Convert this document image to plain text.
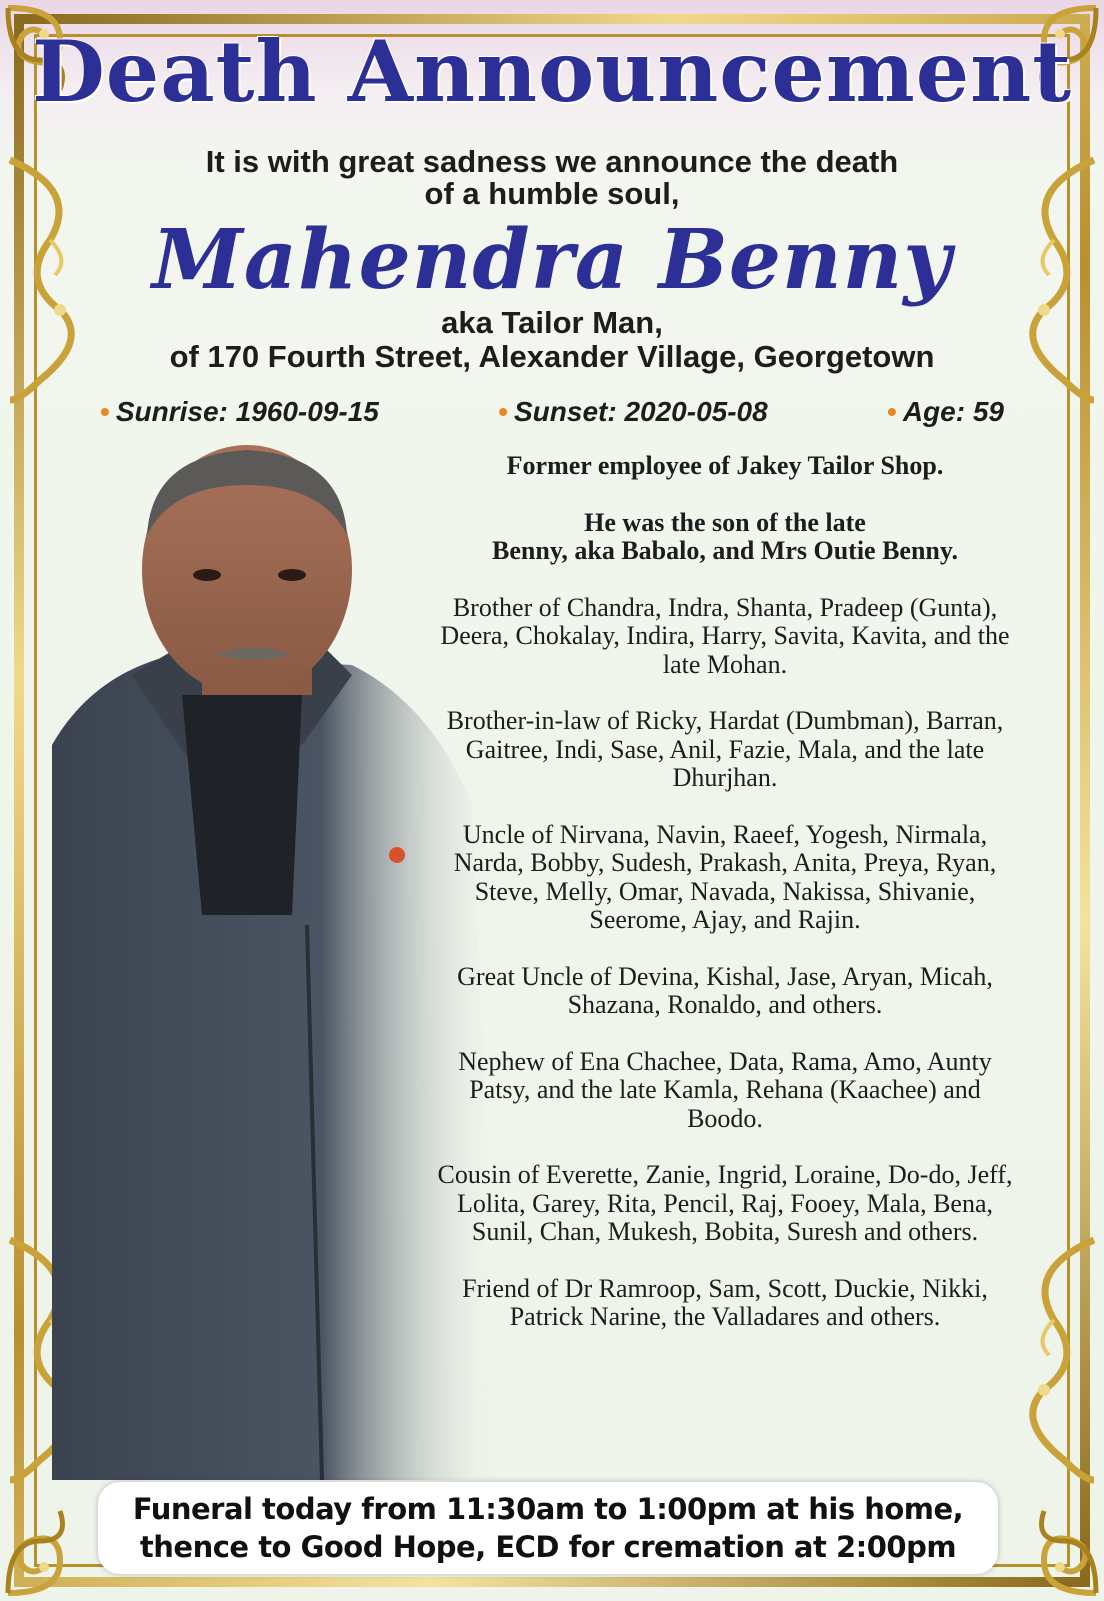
Death Announcement
It is with great sadness we announce the death
of a humble soul,
Mahendra Benny
aka Tailor Man,
of 170 Fourth Street, Alexander Village, Georgetown
• Sunrise: 1960-09-15	• Sunset: 2020-05-08	• Age: 59

Former employee of Jakey Tailor Shop.

He was the son of the late
Benny, aka Babalo, and Mrs Outie Benny.

Brother of Chandra, Indra, Shanta, Pradeep (Gunta), Deera, Chokalay, Indira, Harry, Savita, Kavita, and the late Mohan.

Brother-in-law of Ricky, Hardat (Dumbman), Barran, Gaitree, Indi, Sase, Anil, Fazie, Mala, and the late Dhurjhan.

Uncle of Nirvana, Navin, Raeef, Yogesh, Nirmala, Narda, Bobby, Sudesh, Prakash, Anita, Preya, Ryan, Steve, Melly, Omar, Navada, Nakissa, Shivanie, Seerome, Ajay, and Rajin.

Great Uncle of Devina, Kishal, Jase, Aryan, Micah, Shazana, Ronaldo, and others.

Nephew of Ena Chachee, Data, Rama, Amo, Aunty Patsy, and the late Kamla, Rehana (Kaachee) and Boodo.

Cousin of Everette, Zanie, Ingrid, Loraine, Do-do, Jeff, Lolita, Garey, Rita, Pencil, Raj, Fooey, Mala, Bena, Sunil, Chan, Mukesh, Bobita, Suresh and others.

Friend of Dr Ramroop, Sam, Scott, Duckie, Nikki, Patrick Narine, the Valladares and others.

Funeral today from 11:30am to 1:00pm at his home,
thence to Good Hope, ECD for cremation at 2:00pm
